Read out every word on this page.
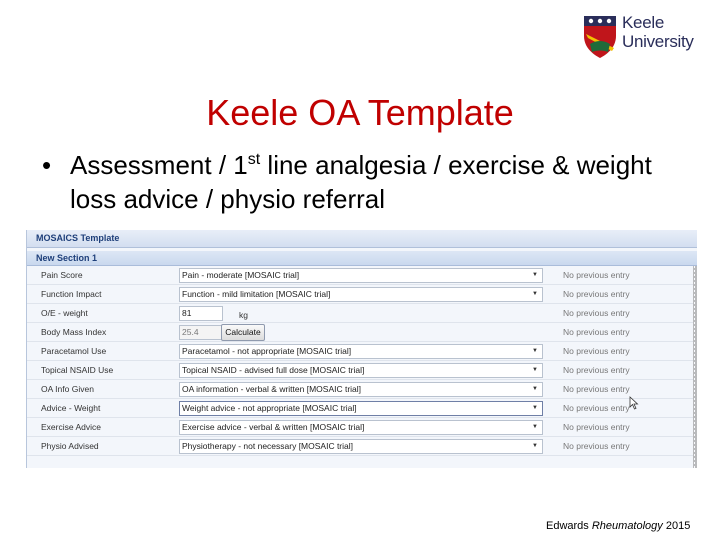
Keele
University
Keele OA Template
• Assessment / 1st line analgesia / exercise & weight loss advice / physio referral
MOSAICS Template
New Section 1
Pain Score	Pain - moderate [MOSAIC trial]	▼	No previous entry
Function Impact	Function - mild limitation [MOSAIC trial]	▼	No previous entry
O/E - weight	81	kg	No previous entry
Body Mass Index	25.4	Calculate	No previous entry
Paracetamol Use	Paracetamol - not appropriate [MOSAIC trial]	▼	No previous entry
Topical NSAID Use	Topical NSAID - advised full dose [MOSAIC trial]	▼	No previous entry
OA Info Given	OA information - verbal & written [MOSAIC trial]	▼	No previous entry
Advice - Weight	Weight advice - not appropriate [MOSAIC trial]	▼	No previous entry
Exercise Advice	Exercise advice - verbal & written [MOSAIC trial]	▼	No previous entry
Physio Advised	Physiotherapy - not necessary [MOSAIC trial]	▼	No previous entry
Edwards Rheumatology 2015
